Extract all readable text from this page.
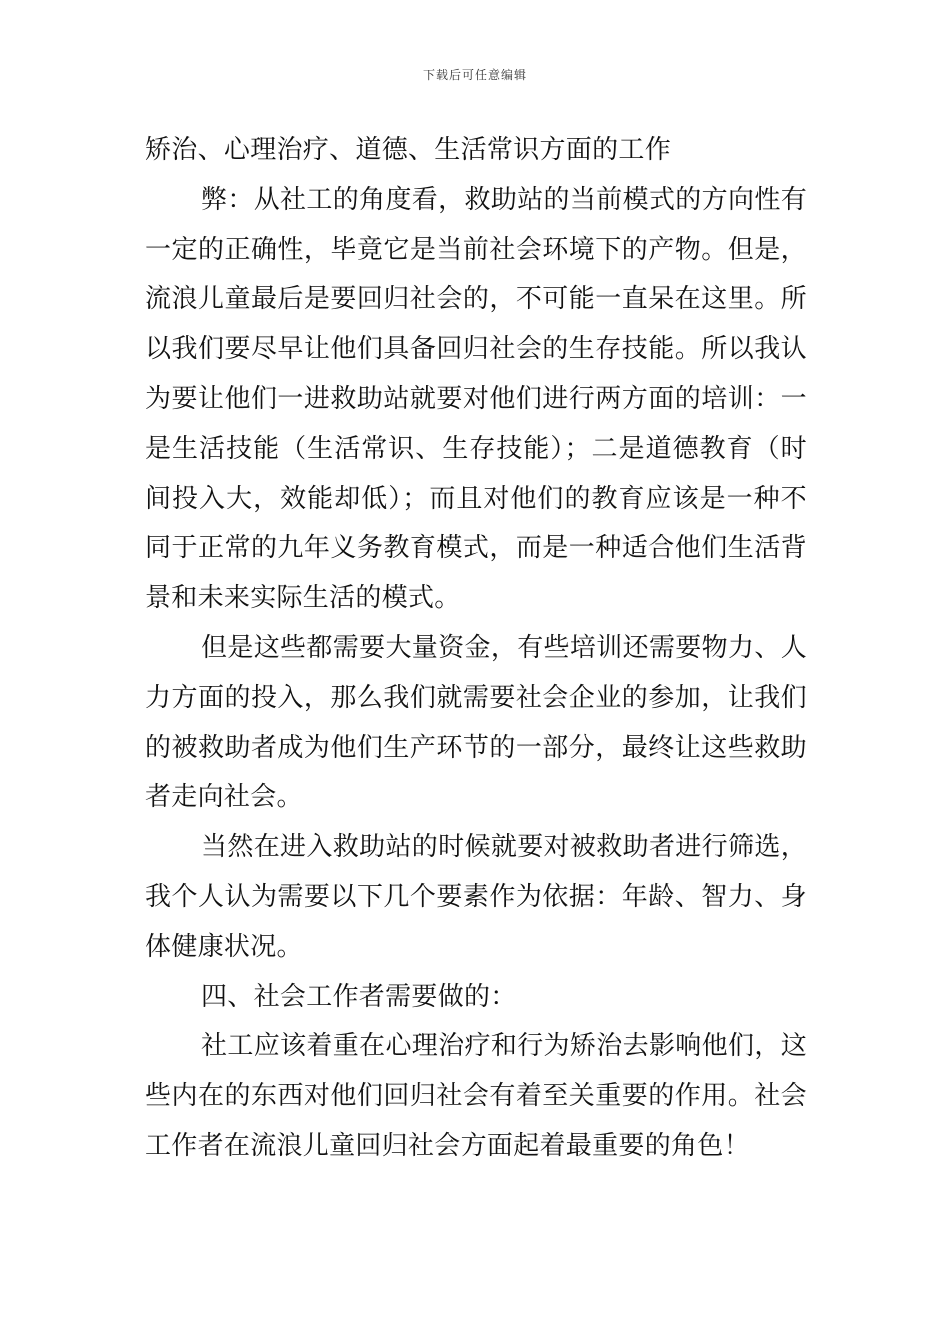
下载后可任意编辑

矫治、心理治疗、道德、生活常识方面的工作

弊：从社工的角度看，救助站的当前模式的方向性有一定的正确性，毕竟它是当前社会环境下的产物。但是，流浪儿童最后是要回归社会的，不可能一直呆在这里。所以我们要尽早让他们具备回归社会的生存技能。所以我认为要让他们一进救助站就要对他们进行两方面的培训：一是生活技能（生活常识、生存技能）；二是道德教育（时间投入大，效能却低）；而且对他们的教育应该是一种不同于正常的九年义务教育模式，而是一种适合他们生活背景和未来实际生活的模式。

但是这些都需要大量资金，有些培训还需要物力、人力方面的投入，那么我们就需要社会企业的参加，让我们的被救助者成为他们生产环节的一部分，最终让这些救助者走向社会。

当然在进入救助站的时候就要对被救助者进行筛选，我个人认为需要以下几个要素作为依据：年龄、智力、身体健康状况。

四、社会工作者需要做的：

社工应该着重在心理治疗和行为矫治去影响他们，这些内在的东西对他们回归社会有着至关重要的作用。社会工作者在流浪儿童回归社会方面起着最重要的角色！
